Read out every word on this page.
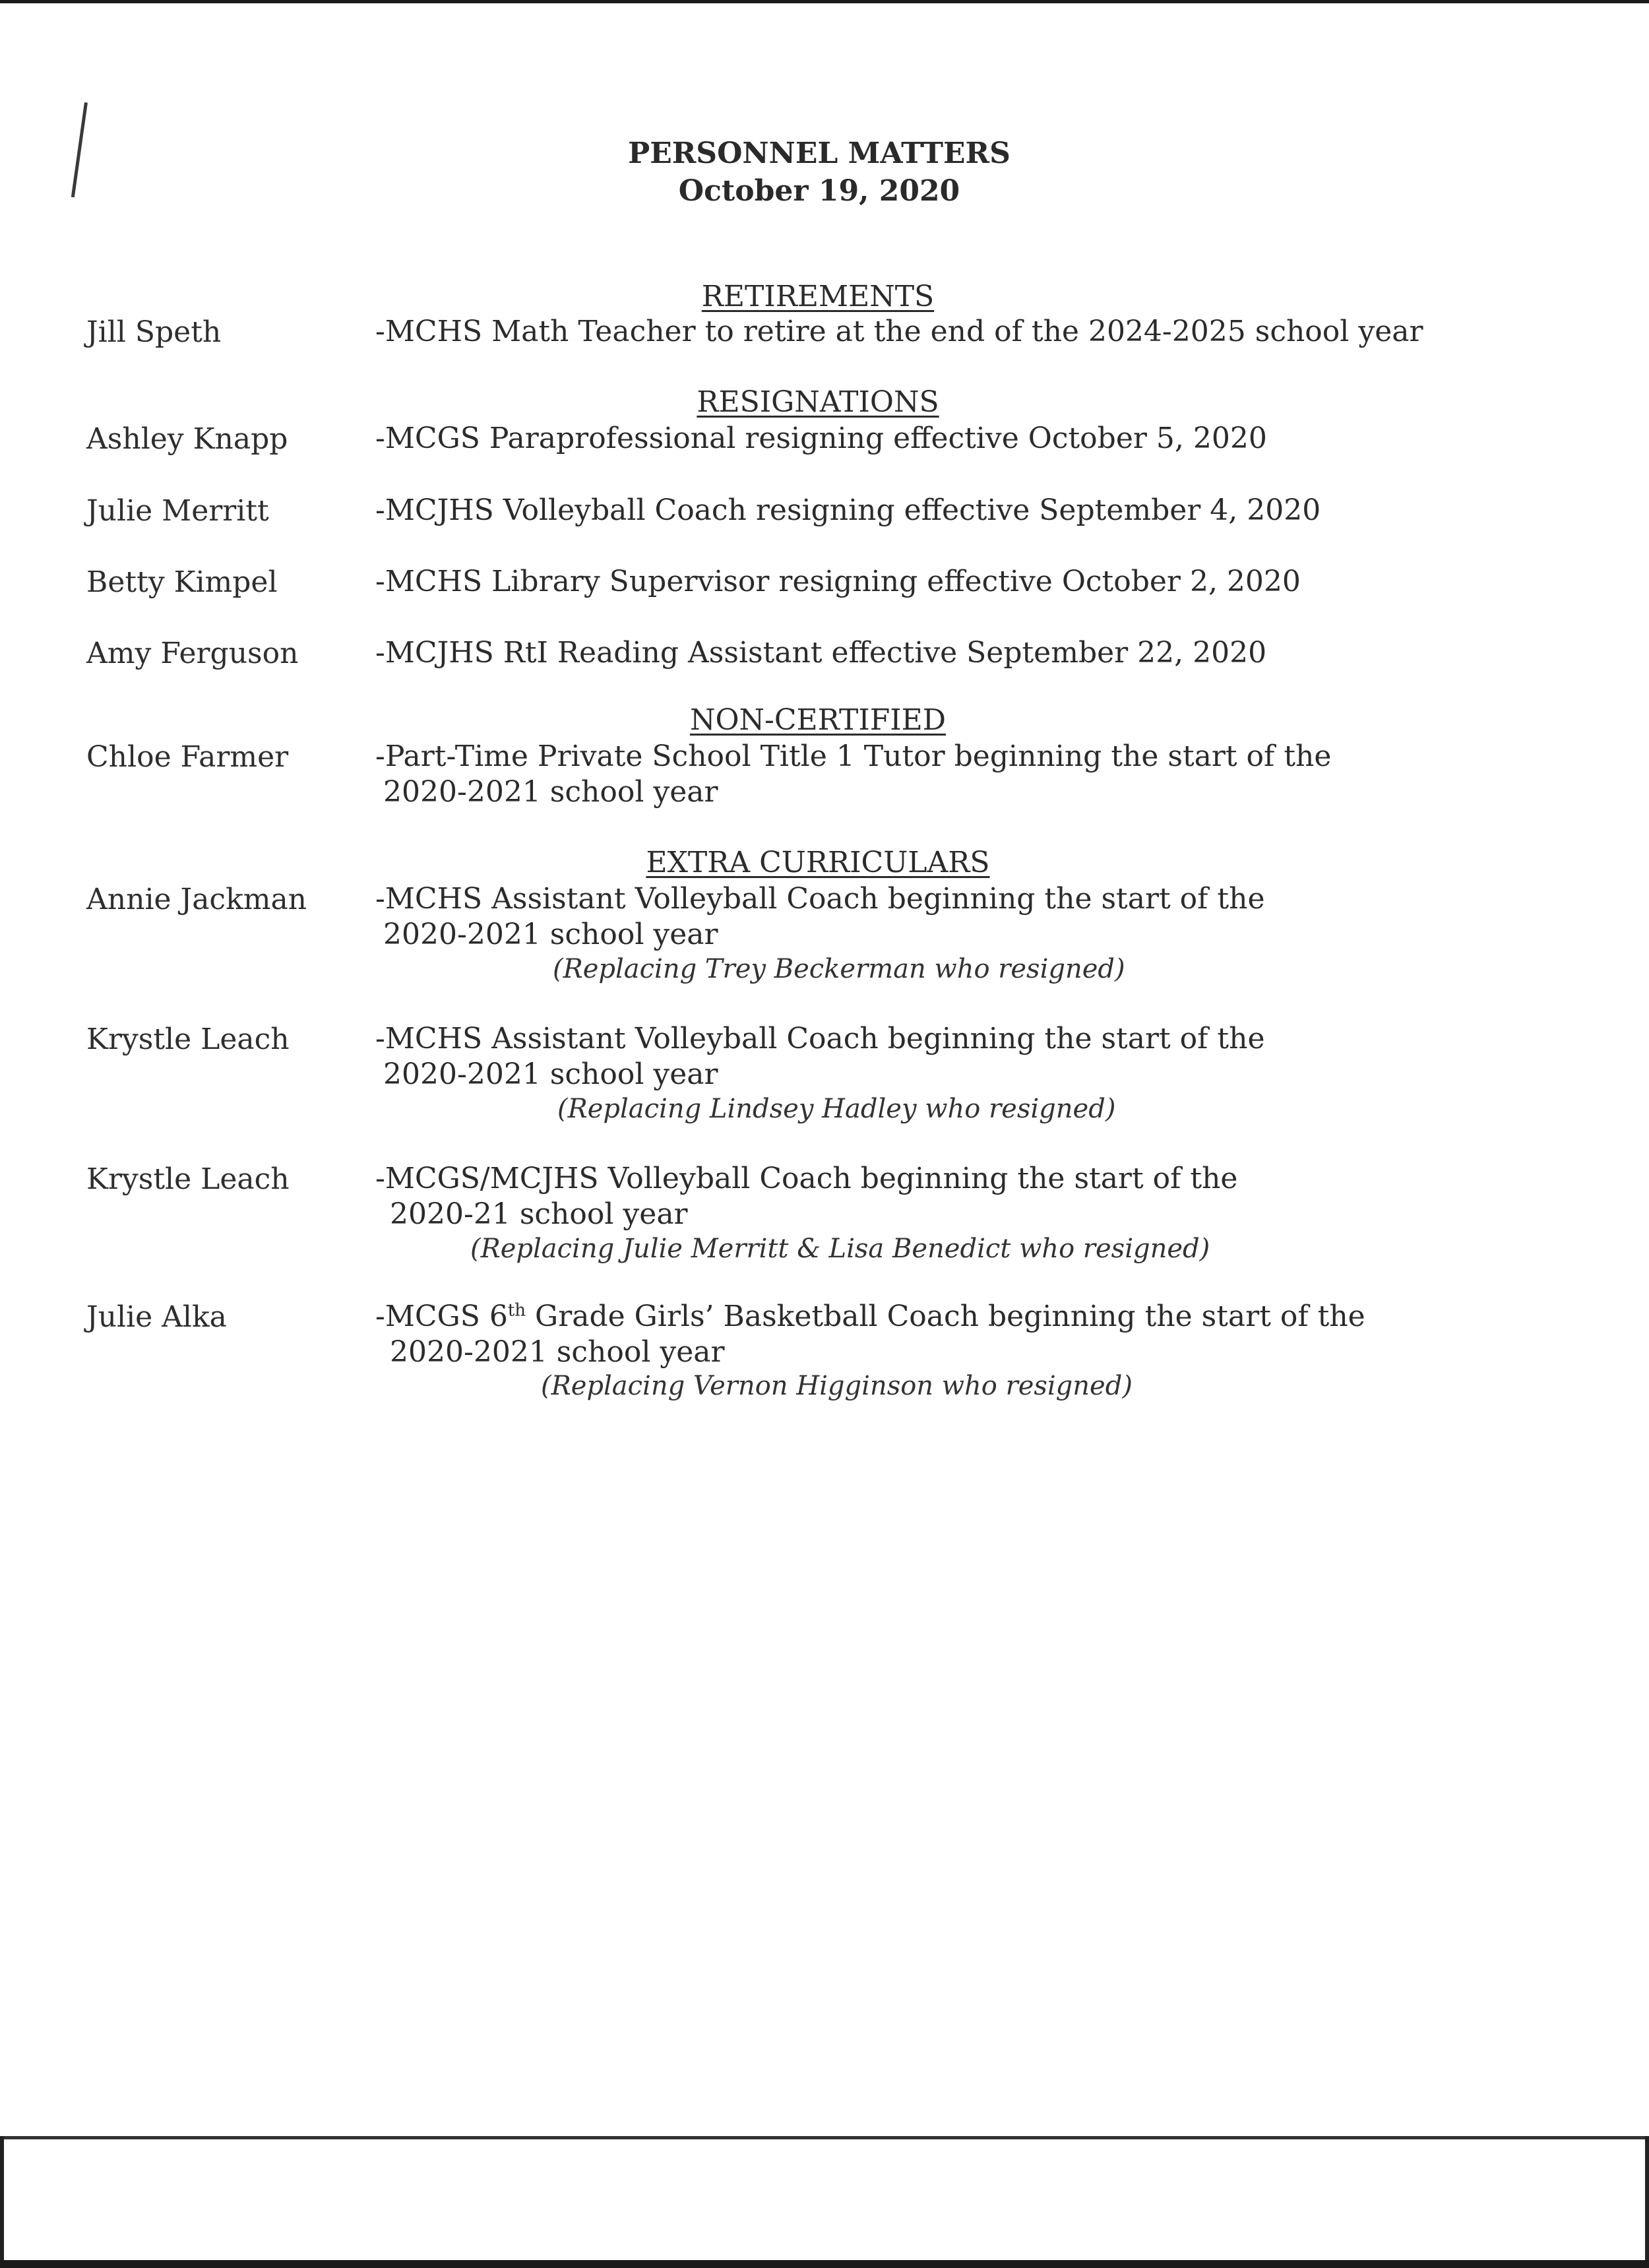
PERSONNEL MATTERS
October 19, 2020
RETIREMENTS
Jill Speth	-MCHS Math Teacher to retire at the end of the 2024-2025 school year
RESIGNATIONS
Ashley Knapp	-MCGS Paraprofessional resigning effective October 5, 2020
Julie Merritt	-MCJHS Volleyball Coach resigning effective September 4, 2020
Betty Kimpel	-MCHS Library Supervisor resigning effective October 2, 2020
Amy Ferguson	-MCJHS RtI Reading Assistant effective September 22, 2020
NON-CERTIFIED
Chloe Farmer	-Part-Time Private School Title 1 Tutor beginning the start of the
2020-2021 school year
EXTRA CURRICULARS
Annie Jackman -MCHS Assistant Volleyball Coach beginning the start of the
2020-2021 school year
(Replacing Trey Beckerman who resigned)
Krystle Leach	-MCHS Assistant Volleyball Coach beginning the start of the
2020-2021 school year
(Replacing Lindsey Hadley who resigned)
Krystle Leach	-MCGS/MCJHS Volleyball Coach beginning the start of the
2020-21 school year
(Replacing Julie Merritt & Lisa Benedict who resigned)
Julie Alka	-MCGS 6th Grade Girls’ Basketball Coach beginning the start of the
2020-2021 school year
(Replacing Vernon Higginson who resigned)
